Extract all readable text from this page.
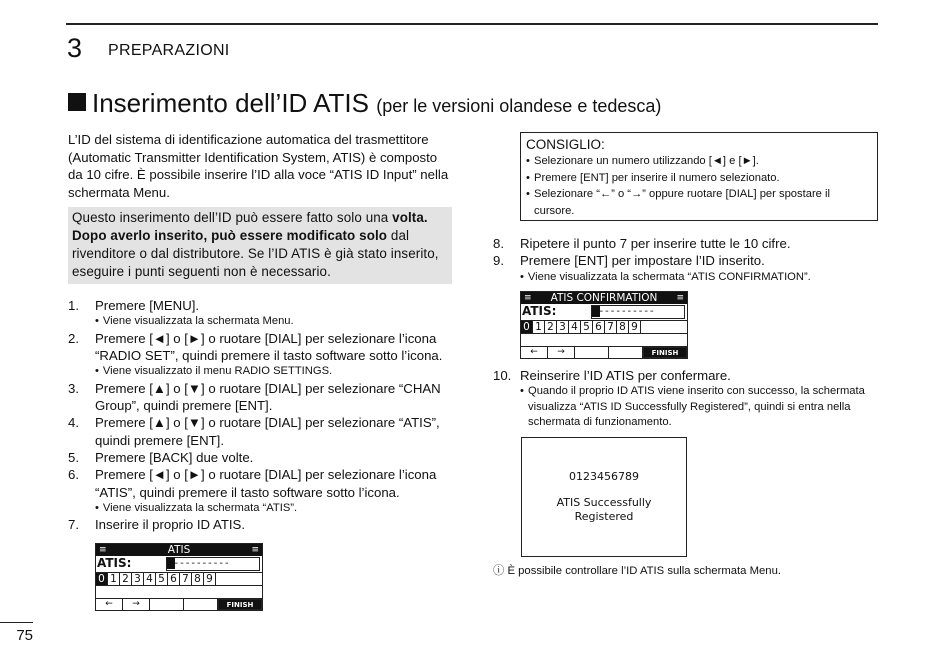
3 PREPARAZIONI
Inserimento dell’ID ATIS (per le versioni olandese e tedesca)
L’ID del sistema di identificazione automatica del trasmettitore (Automatic Transmitter Identification System, ATIS) è composto da 10 cifre. È possibile inserire l’ID alla voce “ATIS ID Input” nella schermata Menu.
Questo inserimento dell’ID può essere fatto solo una volta. Dopo averlo inserito, può essere modificato solo dal rivenditore o dal distributore. Se l’ID ATIS è già stato inserito, eseguire i punti seguenti non è necessario.
1. Premere [MENU].
• Viene visualizzata la schermata Menu.
2. Premere [◄] o [►] o ruotare [DIAL] per selezionare l’icona “RADIO SET”, quindi premere il tasto software sotto l’icona.
• Viene visualizzato il menu RADIO SETTINGS.
3. Premere [▲] o [▼] o ruotare [DIAL] per selezionare “CHAN Group”, quindi premere [ENT].
4. Premere [▲] o [▼] o ruotare [DIAL] per selezionare “ATIS”, quindi premere [ENT].
5. Premere [BACK] due volte.
6. Premere [◄] o [►] o ruotare [DIAL] per selezionare l’icona “ATIS”, quindi premere il tasto software sotto l’icona.
• Viene visualizzata la schermata “ATIS”.
7. Inserire il proprio ID ATIS.
≡	ATIS	≡
ATIS:	▮----------
0 1 2 3 4 5 6 7 8 9
←	→	FINISH
CONSIGLIO:
• Selezionare un numero utilizzando [◄] e [►].
• Premere [ENT] per inserire il numero selezionato.
• Selezionare “←” o “→” oppure ruotare [DIAL] per spostare il cursore.
8. Ripetere il punto 7 per inserire tutte le 10 cifre.
9. Premere [ENT] per impostare l’ID inserito.
• Viene visualizzata la schermata “ATIS CONFIRMATION”.
≡ ATIS CONFIRMATION ≡
ATIS:	▮----------
0 1 2 3 4 5 6 7 8 9
←	→	FINISH
10. Reinserire l’ID ATIS per confermare.
• Quando il proprio ID ATIS viene inserito con successo, la schermata visualizza “ATIS ID Successfully Registered”, quindi si entra nella schermata di funzionamento.
0123456789
ATIS Successfully
Registered
ⓘ È possibile controllare l’ID ATIS sulla schermata Menu.
75
